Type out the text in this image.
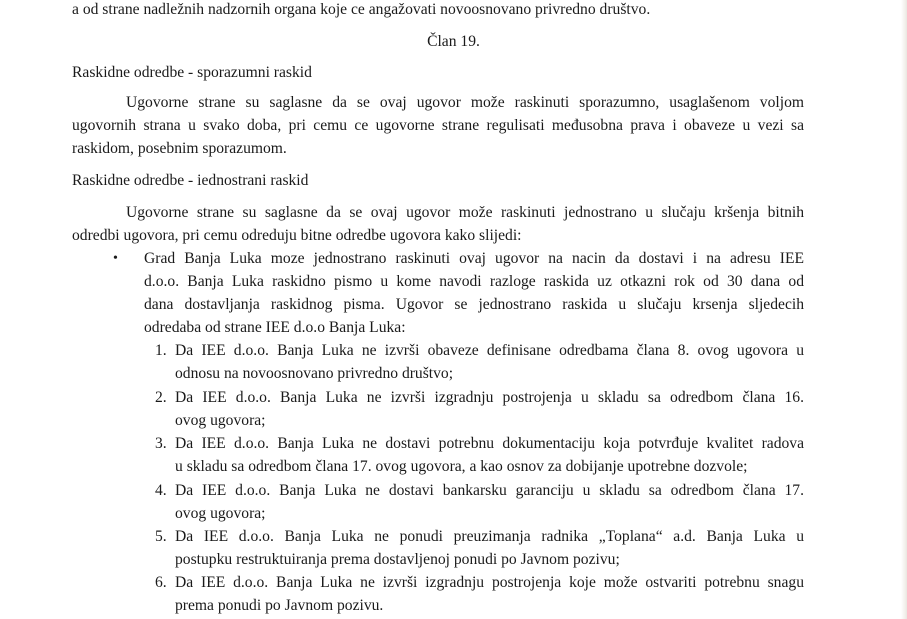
a od strane nadležnih nadzornih organa koje ce angažovati novoosnovano privredno društvo.
Član 19.
Raskidne odredbe - sporazumni raskid
Ugovorne strane su saglasne da se ovaj ugovor može raskinuti sporazumno, usaglašenom voljom
ugovornih strana u svako doba, pri cemu ce ugovorne strane regulisati međusobna prava i obaveze u vezi sa
raskidom, posebnim sporazumom.
Raskidne odredbe - iednostrani raskid
Ugovorne strane su saglasne da se ovaj ugovor može raskinuti jednostrano u slučaju kršenja bitnih
odredbi ugovora, pri cemu odreduju bitne odredbe ugovora kako slijedi:
• Grad Banja Luka moze jednostrano raskinuti ovaj ugovor na nacin da dostavi i na adresu IEE
d.o.o. Banja Luka raskidno pismo u kome navodi razloge raskida uz otkazni rok od 30 dana od
dana dostavljanja raskidnog pisma. Ugovor se jednostrano raskida u slučaju krsenja sljedecih
odredaba od strane IEE d.o.o Banja Luka:
1. Da IEE d.o.o. Banja Luka ne izvrši obaveze definisane odredbama člana 8. ovog ugovora u
odnosu na novoosnovano privredno društvo;
2. Da IEE d.o.o. Banja Luka ne izvrši izgradnju postrojenja u skladu sa odredbom člana 16.
ovog ugovora;
3. Da IEE d.o.o. Banja Luka ne dostavi potrebnu dokumentaciju koja potvrđuje kvalitet radova
u skladu sa odredbom člana 17. ovog ugovora, a kao osnov za dobijanje upotrebne dozvole;
4. Da IEE d.o.o. Banja Luka ne dostavi bankarsku garanciju u skladu sa odredbom člana 17.
ovog ugovora;
5. Da IEE d.o.o. Banja Luka ne ponudi preuzimanja radnika „Toplana“ a.d. Banja Luka u
postupku restruktuiranja prema dostavljenoj ponudi po Javnom pozivu;
6. Da IEE d.o.o. Banja Luka ne izvrši izgradnju postrojenja koje može ostvariti potrebnu snagu
prema ponudi po Javnom pozivu.
